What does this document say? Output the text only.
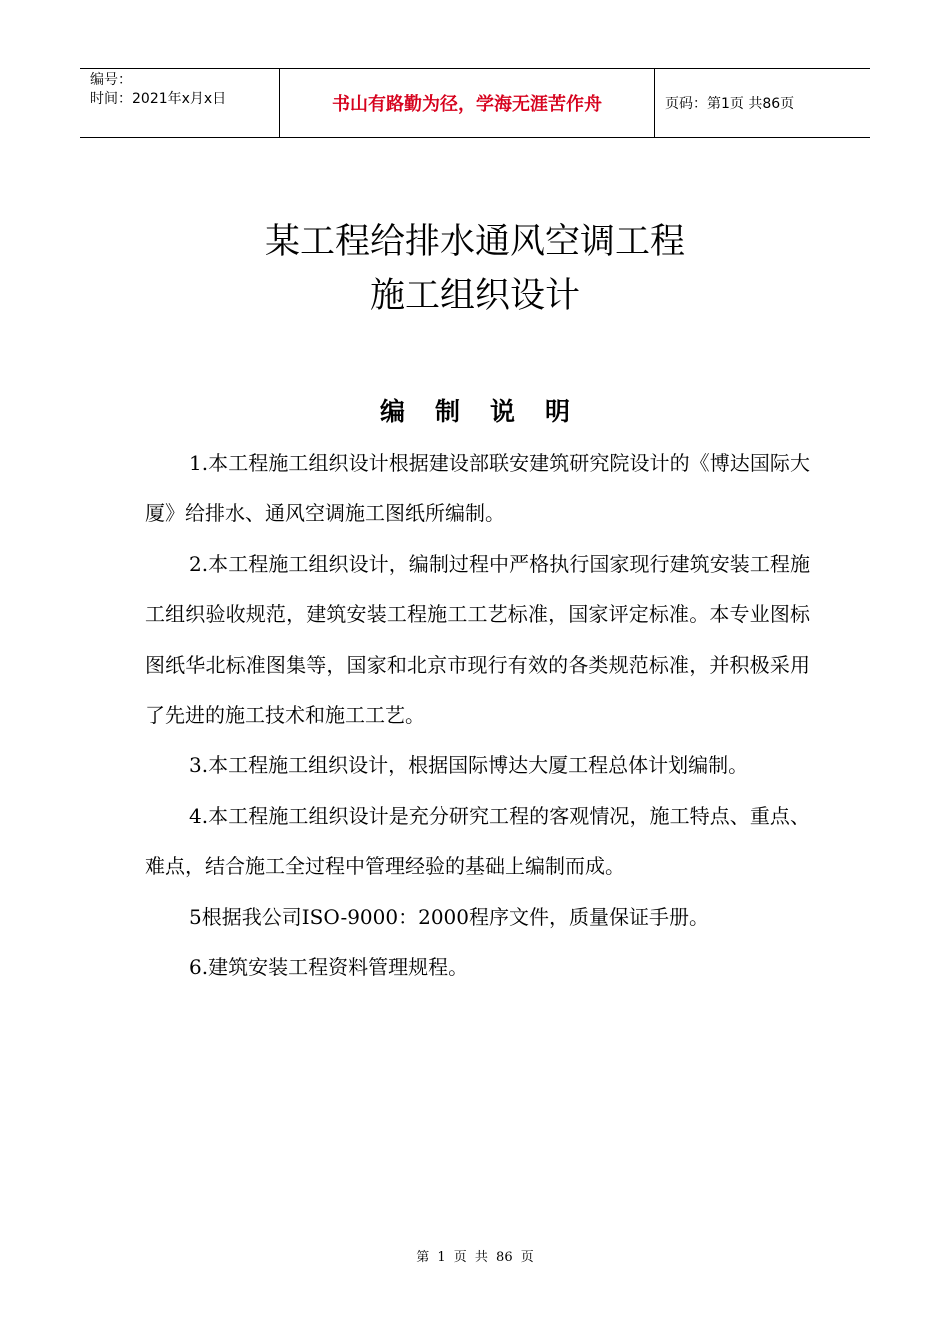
编号：
时间：2021年x月x日	书山有路勤为径，学海无涯苦作舟	页码：第1页 共86页
某工程给排水通风空调工程
施工组织设计
编制说明

1.本工程施工组织设计根据建设部联安建筑研究院设计的《博达国际大厦》给排水、通风空调施工图纸所编制。

2.本工程施工组织设计，编制过程中严格执行国家现行建筑安装工程施工组织验收规范，建筑安装工程施工工艺标准，国家评定标准。本专业图标图纸华北标准图集等，国家和北京市现行有效的各类规范标准，并积极采用了先进的施工技术和施工工艺。

3.本工程施工组织设计，根据国际博达大厦工程总体计划编制。

4.本工程施工组织设计是充分研究工程的客观情况，施工特点、重点、难点，结合施工全过程中管理经验的基础上编制而成。

5根据我公司ISO-9000：2000程序文件，质量保证手册。

6.建筑安装工程资料管理规程。

第 1 页 共 86 页
